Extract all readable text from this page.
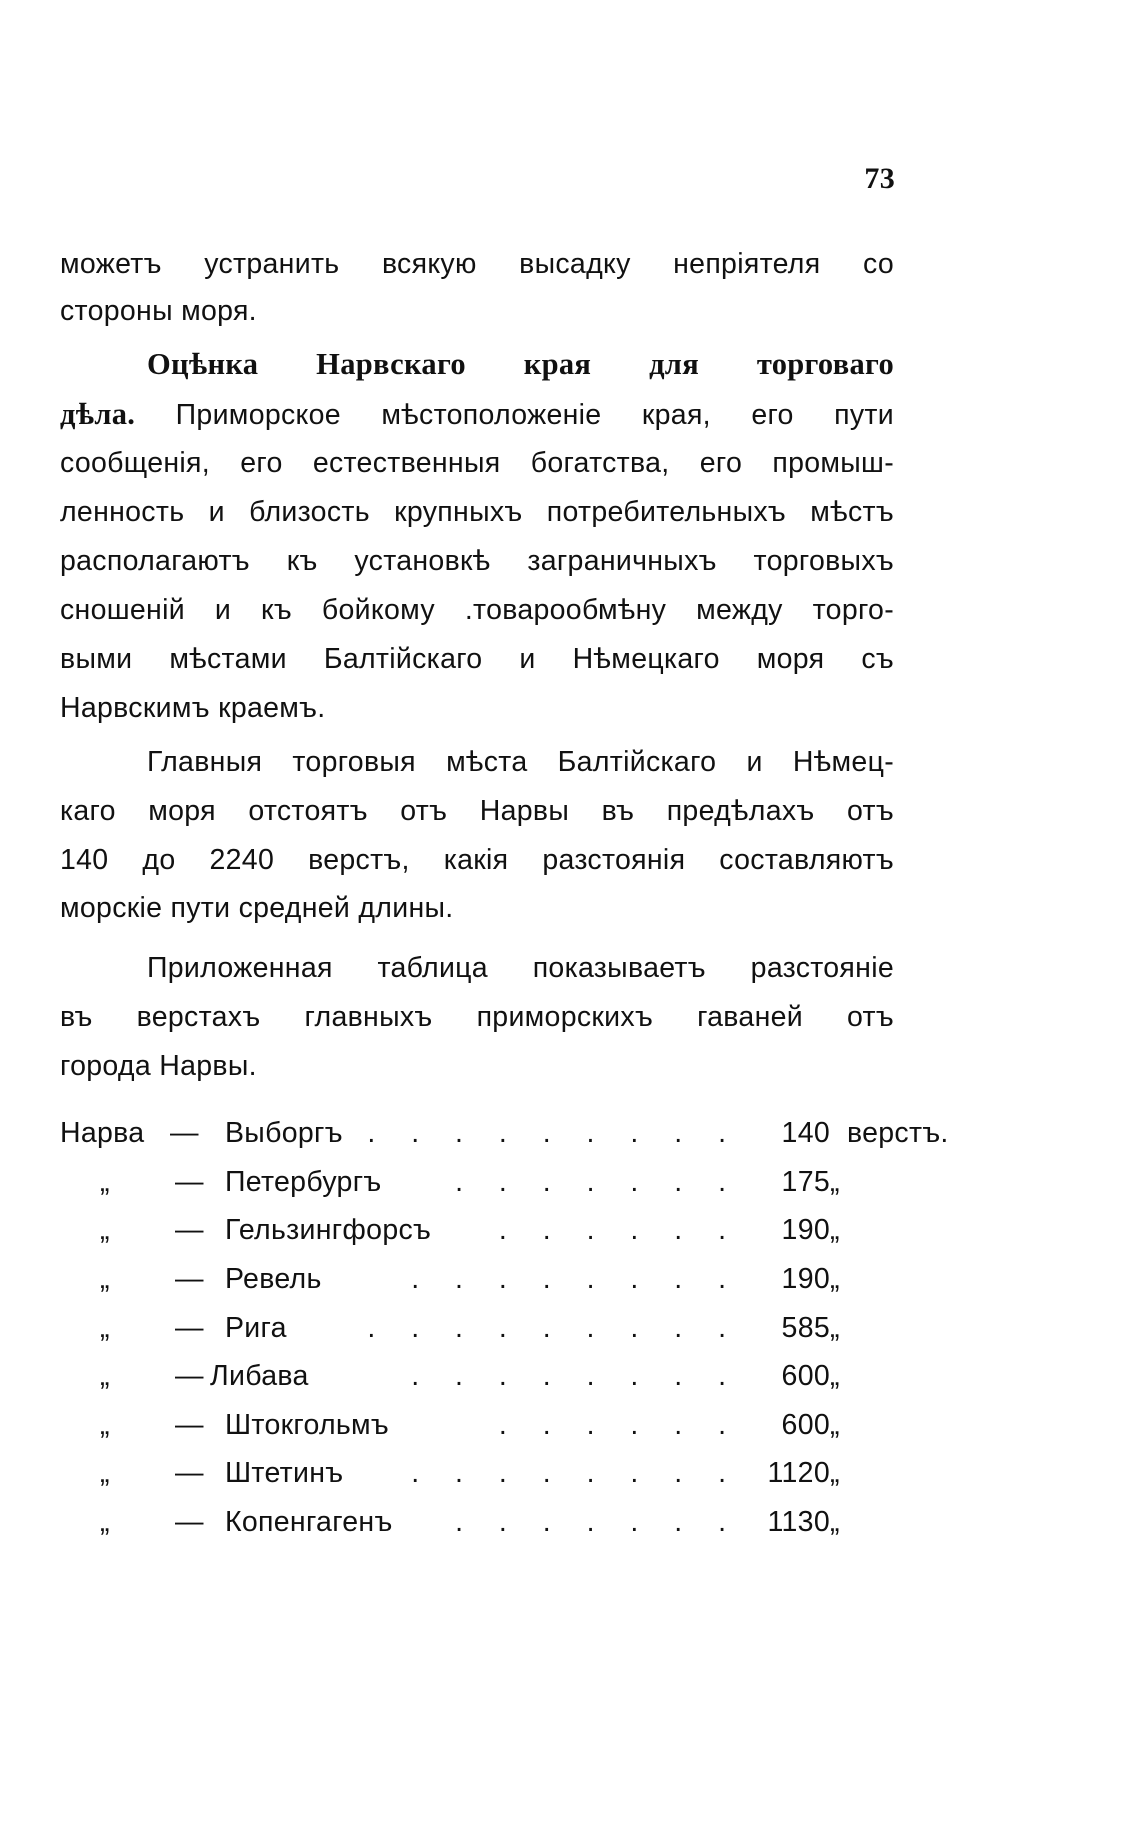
73
можетъ устранить всякую высадку непріятеля со
стороны моря.
Оцѣнка Нарвскаго края для торговаго
дѣла. Приморское мѣстоположеніе края, его пути
сообщенія, его естественныя богатства, его промыш-
ленность и близость крупныхъ потребительныхъ мѣстъ
располагаютъ къ установкѣ заграничныхъ торговыхъ
сношеній и къ бойкому .товарообмѣну между торго-
выми мѣстами Балтійскаго и Нѣмецкаго моря съ
Нарвскимъ краемъ.
Главныя торговыя мѣста Балтійскаго и Нѣмец-
каго моря отстоятъ отъ Нарвы въ предѣлахъ отъ
140 до 2240 верстъ, какія разстоянія составляютъ
морскіе пути средней длины.
Приложенная таблица показываетъ разстояніе
въ верстахъ главныхъ приморскихъ гаваней отъ
города Нарвы.
Нарва — Выборгъ . . . . . . . . .	140 верстъ.
„ — Петербургъ	. . . . . . .	175 „
„ — Гельзингфорсъ	. . . . . .	190 „
„ — Ревель	. . . . . . . .	190 „
„ — Рига	. . . . . . . . .	585 „
„ — Либава	. . . . . . . .	600 „
„ — Штокгольмъ	. . . . . .	600 „
„ — Штетинъ	. . . . . . . . 1120 „
„ — Копенгагенъ	. . . . . . . 1130 „
